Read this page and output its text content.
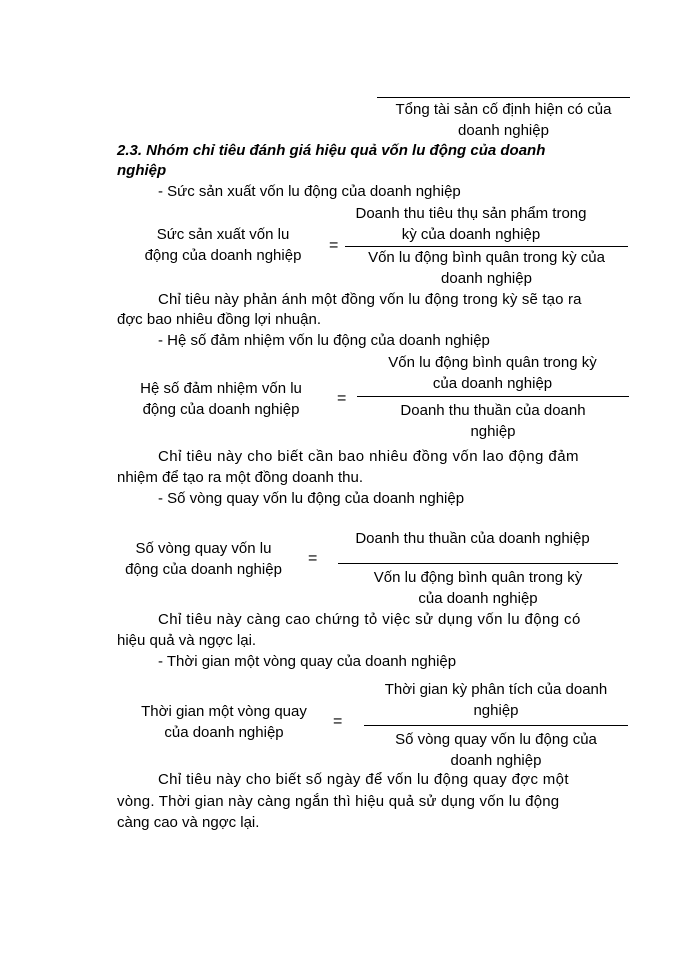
Tổng tài sản cố định hiện có của
doanh nghiệp
2.3. Nhóm chỉ tiêu đánh giá hiệu quả vốn lu động của doanh
nghiệp
- Sức sản xuất vốn lu động của doanh nghiệp
Sức sản xuất vốn lu
động của doanh nghiệp
=
Doanh thu tiêu thụ sản phẩm trong
kỳ của doanh nghiệp
Vốn lu động bình quân trong kỳ của
doanh nghiệp
Chỉ tiêu này phản ánh một đồng vốn lu động trong kỳ sẽ tạo ra
đợc bao nhiêu đồng lợi nhuận.
- Hệ số đảm nhiệm vốn lu động của doanh nghiệp
Hệ số đảm nhiệm vốn lu
động của doanh nghiệp
=
Vốn lu động bình quân trong kỳ
của doanh nghiệp
Doanh thu thuần của doanh
nghiệp
Chỉ tiêu này cho biết cần bao nhiêu đồng vốn lao động đảm
nhiệm để tạo ra một đồng doanh thu.
- Số vòng quay vốn lu động của doanh nghiệp
Số vòng quay vốn lu
động của doanh nghiệp
=
Doanh thu thuần của doanh nghiệp
Vốn lu động bình quân trong kỳ
của doanh nghiệp
Chỉ tiêu này càng cao chứng tỏ việc sử dụng vốn lu động có
hiệu quả và ngợc lại.
- Thời gian một vòng quay của doanh nghiệp
Thời gian một vòng quay
của doanh nghiệp
=
Thời gian kỳ phân tích của doanh
nghiệp
Số vòng quay vốn lu động của
doanh nghiệp
Chỉ tiêu này cho biết số ngày để vốn lu động quay đợc một
vòng. Thời gian này càng ngắn thì hiệu quả sử dụng vốn lu động
càng cao và ngợc lại.
